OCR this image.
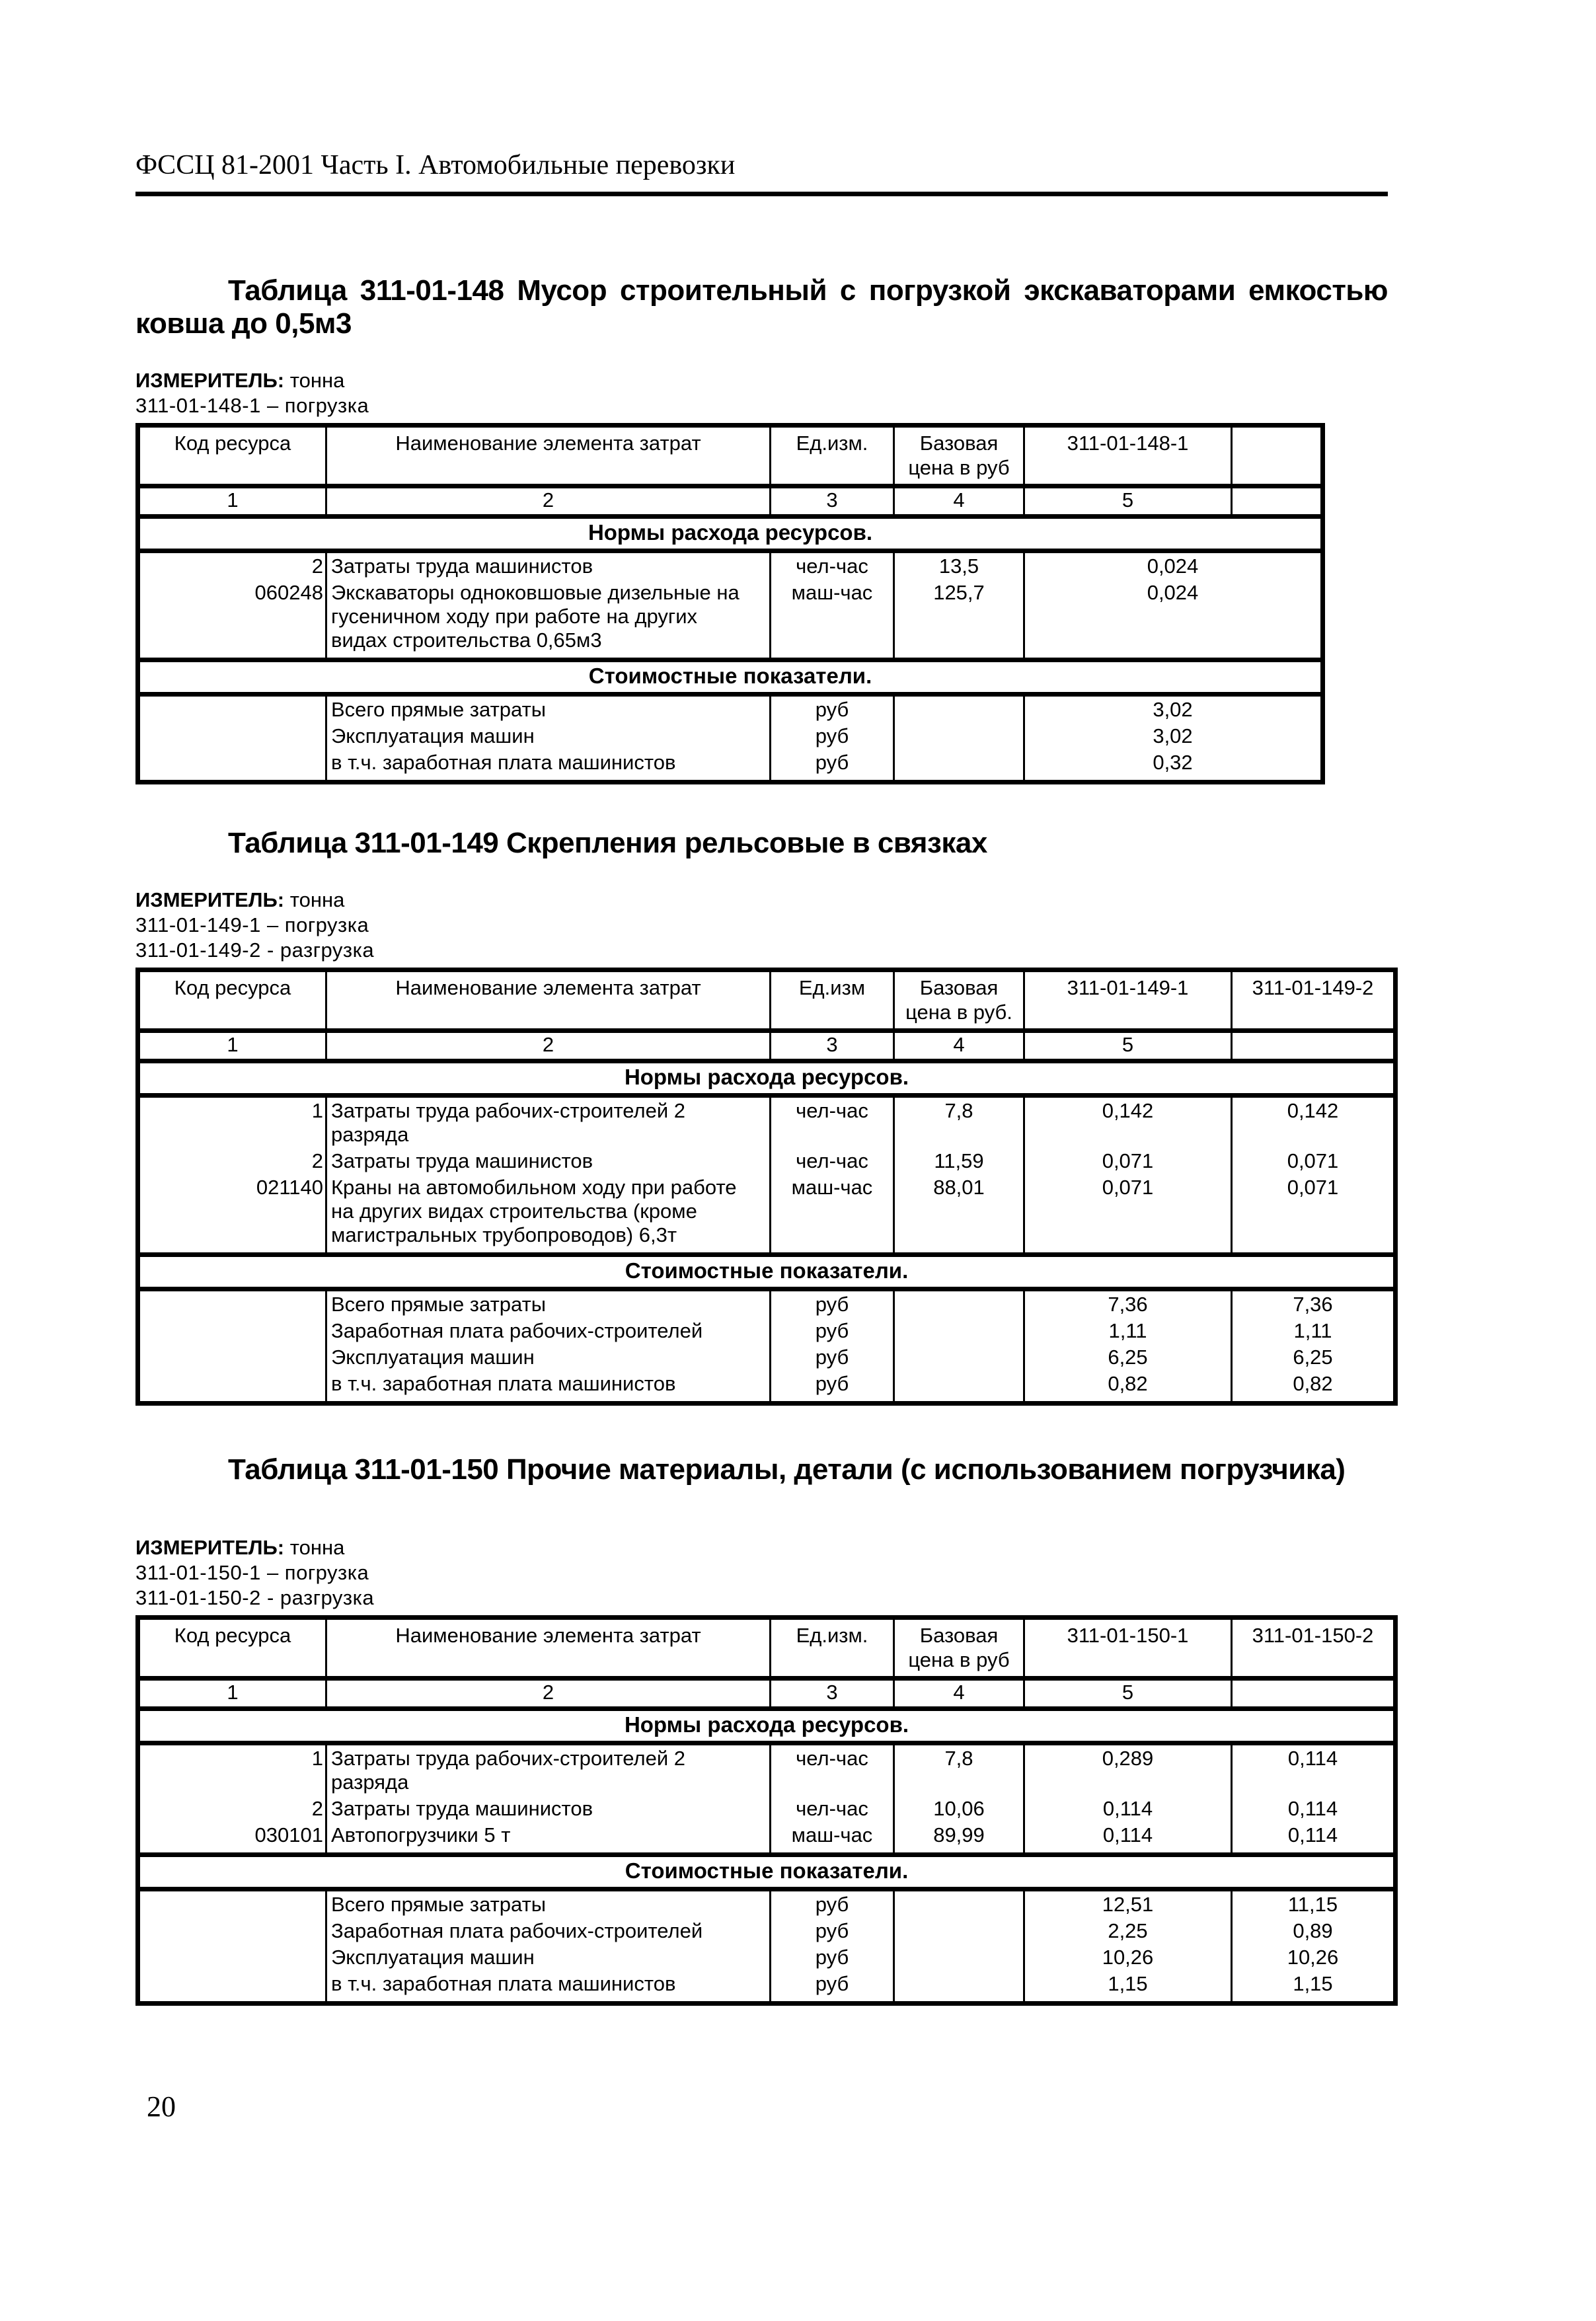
ФССЦ 81-2001 Часть I. Автомобильные перевозки

Таблица 311-01-148 Мусор строительный с погрузкой экскаваторами емкостью ковша до 0,5м3

ИЗМЕРИТЕЛЬ: тонна
311-01-148-1 – погрузка
Код ресурса	Наименование элемента затрат	Ед.изм.	Базовая цена в руб	311-01-148-1	
1	2	3	4	5	
Нормы расхода ресурсов.					
2	Затраты труда машинистов	чел-час	13,5	0,024	
060248	Экскаваторы одноковшовые дизельные на гусеничном ходу при работе на других видах строительства 0,65м3	маш-час	125,7	0,024	
Стоимостные показатели.					
	Всего прямые затраты	руб		3,02	
	Эксплуатация машин	руб		3,02	
	в т.ч. заработная плата машинистов	руб		0,32	

Таблица 311-01-149 Скрепления рельсовые в связках

ИЗМЕРИТЕЛЬ: тонна
311-01-149-1 – погрузка
311-01-149-2 - разгрузка
Код ресурса	Наименование элемента затрат	Ед.изм	Базовая цена в руб.	311-01-149-1	311-01-149-2
1	2	3	4	5	
Нормы расхода ресурсов.					
1	Затраты труда рабочих-строителей 2 разряда	чел-час	7,8	0,142	0,142
2	Затраты труда машинистов	чел-час	11,59	0,071	0,071
021140	Краны на автомобильном ходу при работе на других видах строительства (кроме магистральных трубопроводов) 6,3т	маш-час	88,01	0,071	0,071
Стоимостные показатели.					
	Всего прямые затраты	руб		7,36	7,36
	Заработная плата рабочих-строителей	руб		1,11	1,11
	Эксплуатация машин	руб		6,25	6,25
	в т.ч. заработная плата машинистов	руб		0,82	0,82

Таблица 311-01-150 Прочие материалы, детали (с использованием погрузчика)

ИЗМЕРИТЕЛЬ: тонна
311-01-150-1 – погрузка
311-01-150-2 - разгрузка
Код ресурса	Наименование элемента затрат	Ед.изм.	Базовая цена в руб	311-01-150-1	311-01-150-2
1	2	3	4	5	
Нормы расхода ресурсов.					
1	Затраты труда рабочих-строителей 2 разряда	чел-час	7,8	0,289	0,114
2	Затраты труда машинистов	чел-час	10,06	0,114	0,114
030101	Автопогрузчики 5 т	маш-час	89,99	0,114	0,114
Стоимостные показатели.					
	Всего прямые затраты	руб		12,51	11,15
	Заработная плата рабочих-строителей	руб		2,25	0,89
	Эксплуатация машин	руб		10,26	10,26
	в т.ч. заработная плата машинистов	руб		1,15	1,15
20
